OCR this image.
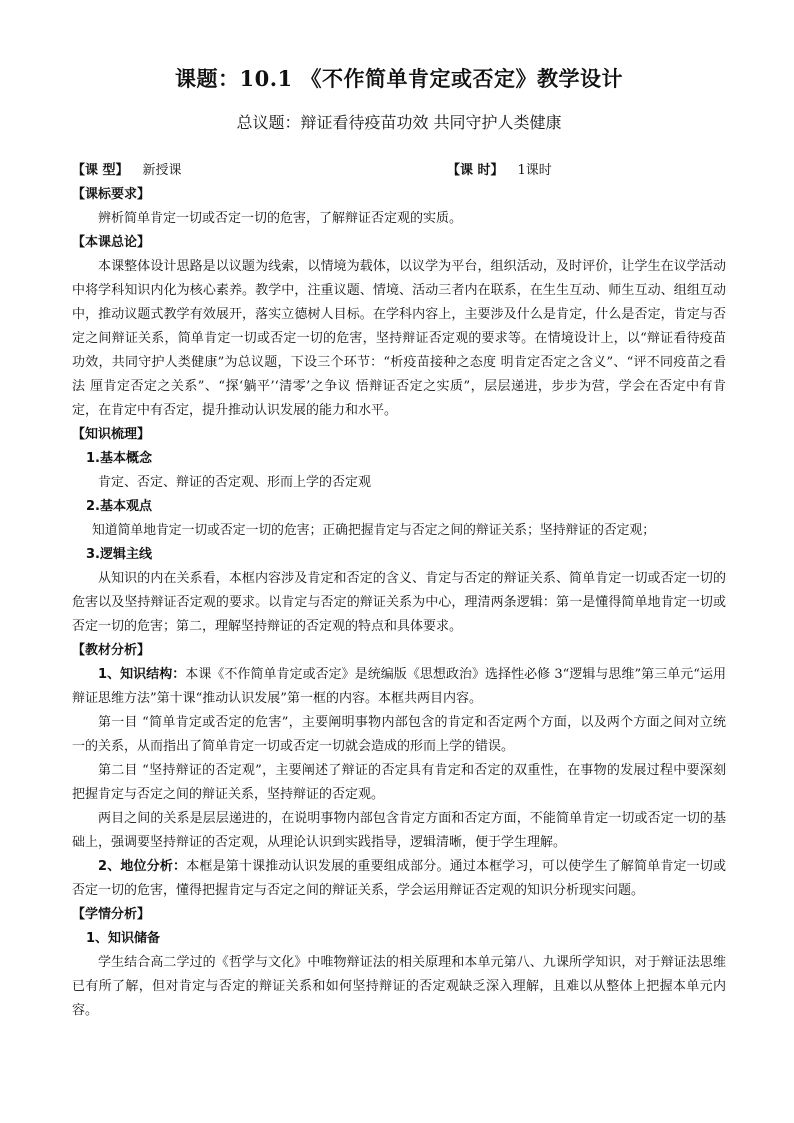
课题：10.1 《不作简单肯定或否定》教学设计
总议题：辩证看待疫苗功效 共同守护人类健康
【课 型】 新授课	【课 时】 1课时
【课标要求】

辨析简单肯定一切或否定一切的危害，了解辩证否定观的实质。

【本课总论】

本课整体设计思路是以议题为线索，以情境为载体，以议学为平台，组织活动，及时评价，让学生在议学活动中将学科知识内化为核心素养。教学中，注重议题、情境、活动三者内在联系，在生生互动、师生互动、组组互动中，推动议题式教学有效展开，落实立德树人目标。在学科内容上，主要涉及什么是肯定，什么是否定，肯定与否定之间辩证关系，简单肯定一切或否定一切的危害，坚持辩证否定观的要求等。在情境设计上，以“辩证看待疫苗功效，共同守护人类健康”为总议题，下设三个环节：“析疫苗接种之态度 明肯定否定之含义”、“评不同疫苗之看法 厘肯定否定之关系”、“探‘躺平’‘清零’之争议 悟辩证否定之实质”，层层递进，步步为营，学会在否定中有肯定，在肯定中有否定，提升推动认识发展的能力和水平。

【知识梳理】
1.基本概念

肯定、否定、辩证的否定观、形而上学的否定观

2.基本观点

知道简单地肯定一切或否定一切的危害；正确把握肯定与否定之间的辩证关系；坚持辩证的否定观；

3.逻辑主线

从知识的内在关系看，本框内容涉及肯定和否定的含义、肯定与否定的辩证关系、简单肯定一切或否定一切的危害以及坚持辩证否定观的要求。以肯定与否定的辩证关系为中心，理清两条逻辑：第一是懂得简单地肯定一切或否定一切的危害；第二，理解坚持辩证的否定观的特点和具体要求。

【教材分析】

1、知识结构：本课《不作简单肯定或否定》是统编版《思想政治》选择性必修 3“逻辑与思维”第三单元“运用辩证思维方法”第十课“推动认识发展”第一框的内容。本框共两目内容。

第一目 “简单肯定或否定的危害”，主要阐明事物内部包含的肯定和否定两个方面，以及两个方面之间对立统一的关系，从而指出了简单肯定一切或否定一切就会造成的形而上学的错误。

第二目 “坚持辩证的否定观”，主要阐述了辩证的否定具有肯定和否定的双重性，在事物的发展过程中要深刻把握肯定与否定之间的辩证关系，坚持辩证的否定观。

两目之间的关系是层层递进的，在说明事物内部包含肯定方面和否定方面，不能简单肯定一切或否定一切的基础上，强调要坚持辩证的否定观，从理论认识到实践指导，逻辑清晰，便于学生理解。

2、地位分析：本框是第十课推动认识发展的重要组成部分。通过本框学习，可以使学生了解简单肯定一切或否定一切的危害，懂得把握肯定与否定之间的辩证关系，学会运用辩证否定观的知识分析现实问题。

【学情分析】
1、知识储备

学生结合高二学过的《哲学与文化》中唯物辩证法的相关原理和本单元第八、九课所学知识，对于辩证法思维已有所了解，但对肯定与否定的辩证关系和如何坚持辩证的否定观缺乏深入理解，且难以从整体上把握本单元内容。
